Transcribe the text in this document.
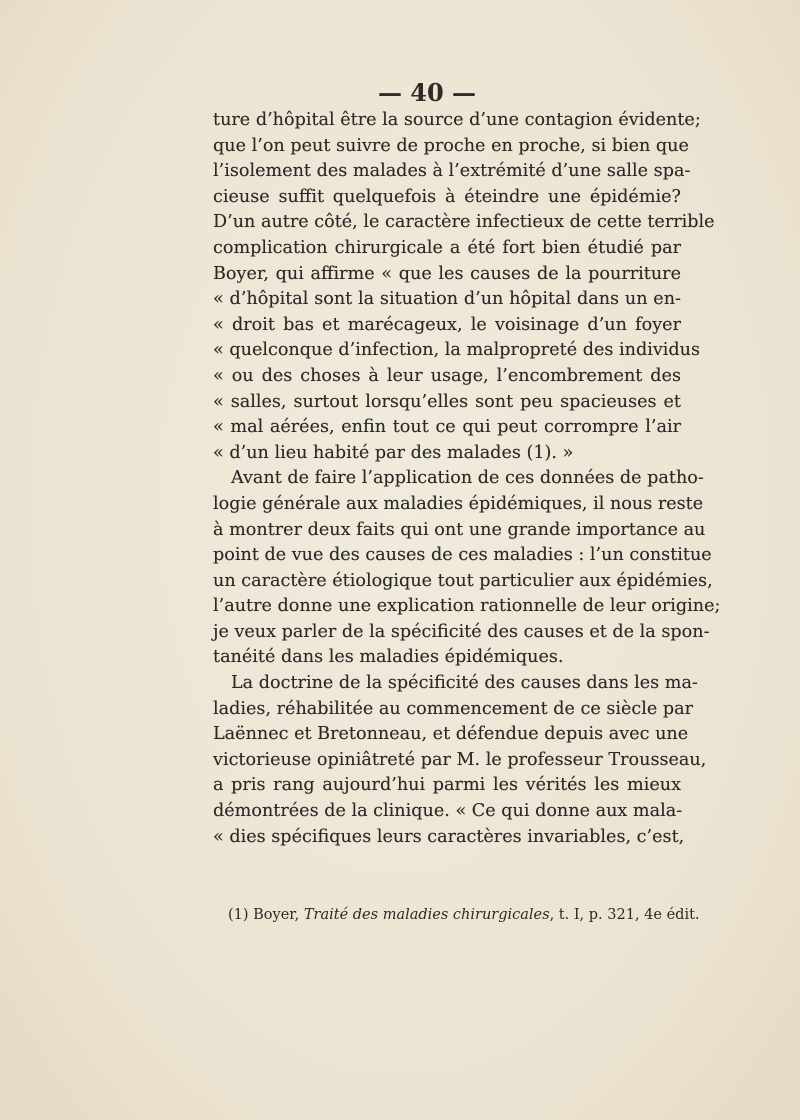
— 40 —
ture d’hôpital être la source d’une contagion évidente;
que l’on peut suivre de proche en proche, si bien que
l’isolement des malades à l’extrémité d’une salle spa-
cieuse suffit quelquefois à éteindre une épidémie?
D’un autre côté, le caractère infectieux de cette terrible
complication chirurgicale a été fort bien étudié par
Boyer, qui affirme « que les causes de la pourriture
« d’hôpital sont la situation d’un hôpital dans un en-
« droit bas et marécageux, le voisinage d’un foyer
« quelconque d’infection, la malpropreté des individus
« ou des choses à leur usage, l’encombrement des
« salles, surtout lorsqu’elles sont peu spacieuses et
« mal aérées, enfin tout ce qui peut corrompre l’air
« d’un lieu habité par des malades (1). »
Avant de faire l’application de ces données de patho-
logie générale aux maladies épidémiques, il nous reste
à montrer deux faits qui ont une grande importance au
point de vue des causes de ces maladies : l’un constitue
un caractère étiologique tout particulier aux épidémies,
l’autre donne une explication rationnelle de leur origine;
je veux parler de la spécificité des causes et de la spon-
tanéité dans les maladies épidémiques.
La doctrine de la spécificité des causes dans les ma-
ladies, réhabilitée au commencement de ce siècle par
Laënnec et Bretonneau, et défendue depuis avec une
victorieuse opiniâtreté par M. le professeur Trousseau,
a pris rang aujourd’hui parmi les vérités les mieux
démontrées de la clinique. « Ce qui donne aux mala-
« dies spécifiques leurs caractères invariables, c’est,
(1) Boyer, Traité des maladies chirurgicales, t. I, p. 321, 4e édit.
